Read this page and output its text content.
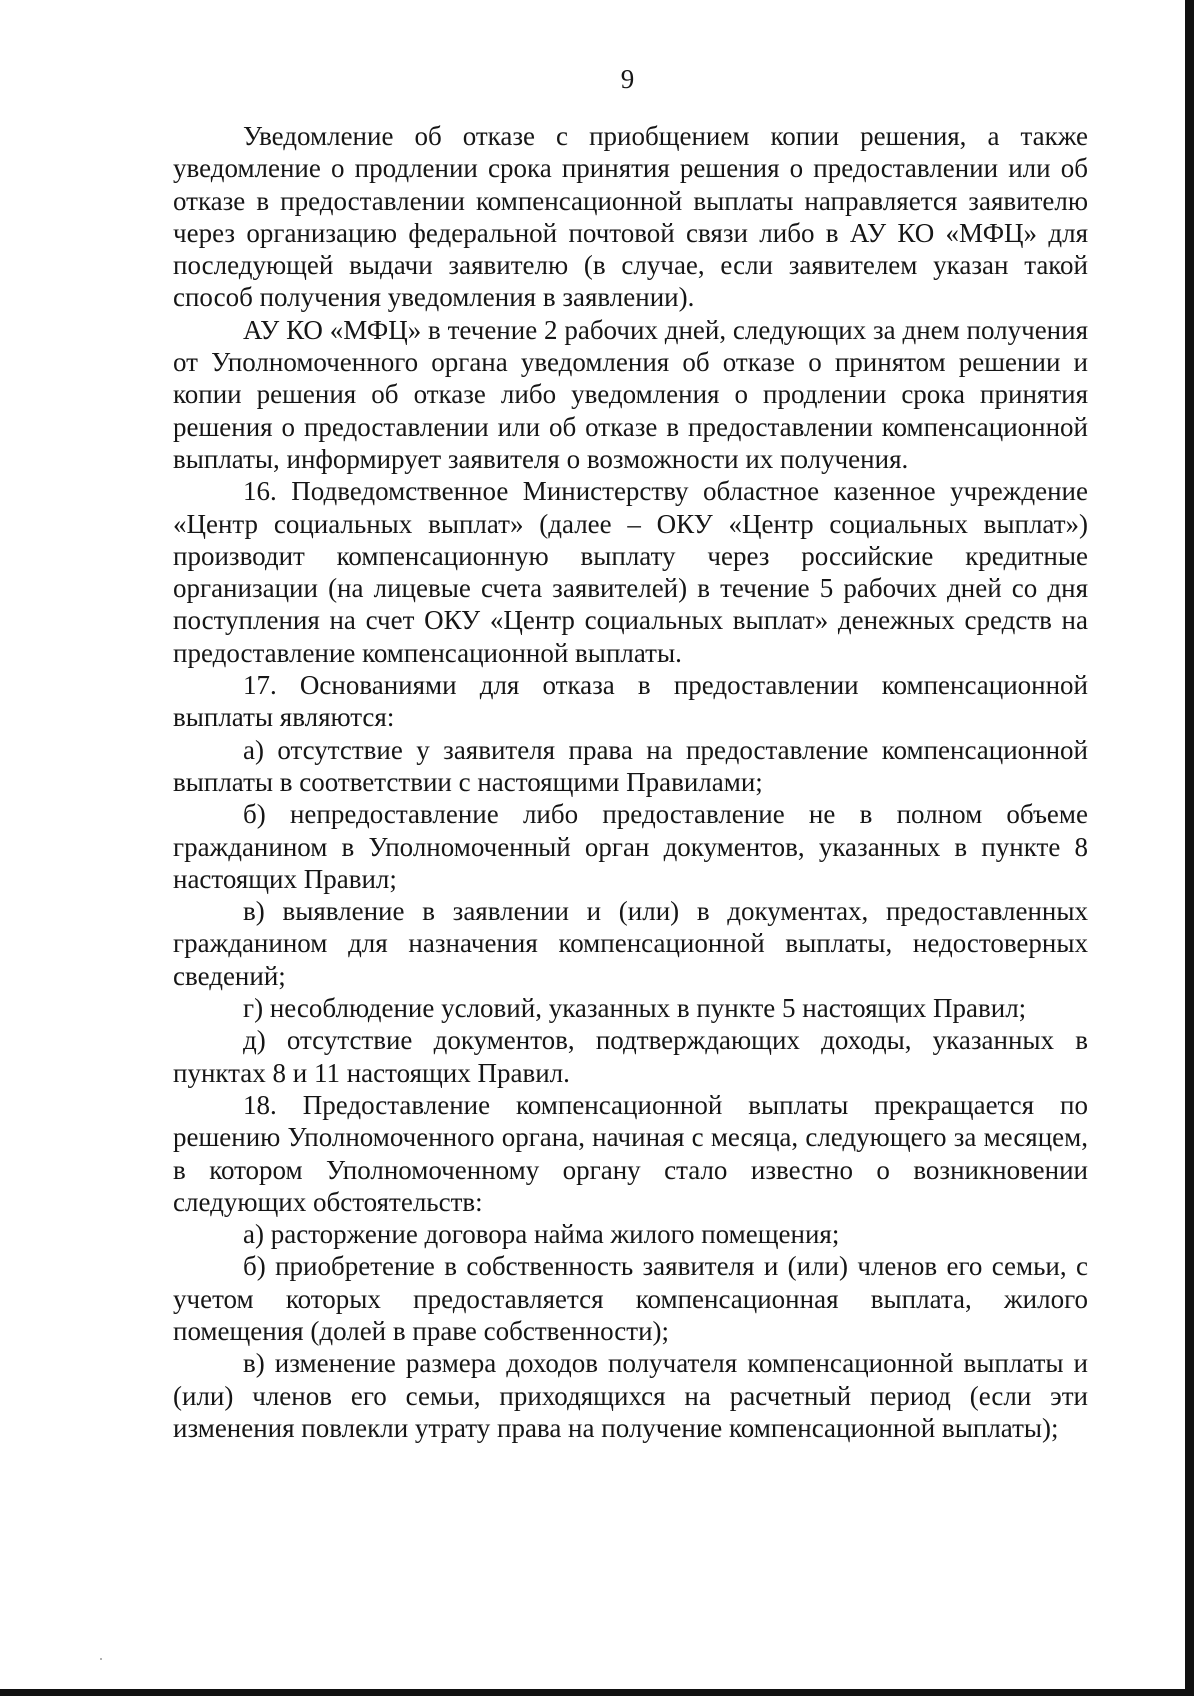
9

Уведомление об отказе с приобщением копии решения, а также уведомление о продлении срока принятия решения о предоставлении или об отказе в предоставлении компенсационной выплаты направляется заявителю через организацию федеральной почтовой связи либо в АУ КО «МФЦ» для последующей выдачи заявителю (в случае, если заявителем указан такой способ получения уведомления в заявлении).

АУ КО «МФЦ» в течение 2 рабочих дней, следующих за днем получения от Уполномоченного органа уведомления об отказе о принятом решении и копии решения об отказе либо уведомления о продлении срока принятия решения о предоставлении или об отказе в предоставлении компенсационной выплаты, информирует заявителя о возможности их получения.

16. Подведомственное Министерству областное казенное учреждение «Центр социальных выплат» (далее – ОКУ «Центр социальных выплат») производит компенсационную выплату через российские кредитные организации (на лицевые счета заявителей) в течение 5 рабочих дней со дня поступления на счет ОКУ «Центр социальных выплат» денежных средств на предоставление компенсационной выплаты.

17. Основаниями для отказа в предоставлении компенсационной выплаты являются:

а) отсутствие у заявителя права на предоставление компенсационной выплаты в соответствии с настоящими Правилами;

б) непредоставление либо предоставление не в полном объеме гражданином в Уполномоченный орган документов, указанных в пункте 8 настоящих Правил;

в) выявление в заявлении и (или) в документах, предоставленных гражданином для назначения компенсационной выплаты, недостоверных сведений;

г) несоблюдение условий, указанных в пункте 5 настоящих Правил;

д) отсутствие документов, подтверждающих доходы, указанных в пунктах 8 и 11 настоящих Правил.

18. Предоставление компенсационной выплаты прекращается по решению Уполномоченного органа, начиная с месяца, следующего за месяцем, в котором Уполномоченному органу стало известно о возникновении следующих обстоятельств:

а) расторжение договора найма жилого помещения;

б) приобретение в собственность заявителя и (или) членов его семьи, с учетом которых предоставляется компенсационная выплата, жилого помещения (долей в праве собственности);

в) изменение размера доходов получателя компенсационной выплаты и (или) членов его семьи, приходящихся на расчетный период (если эти изменения повлекли утрату права на получение компенсационной выплаты);
